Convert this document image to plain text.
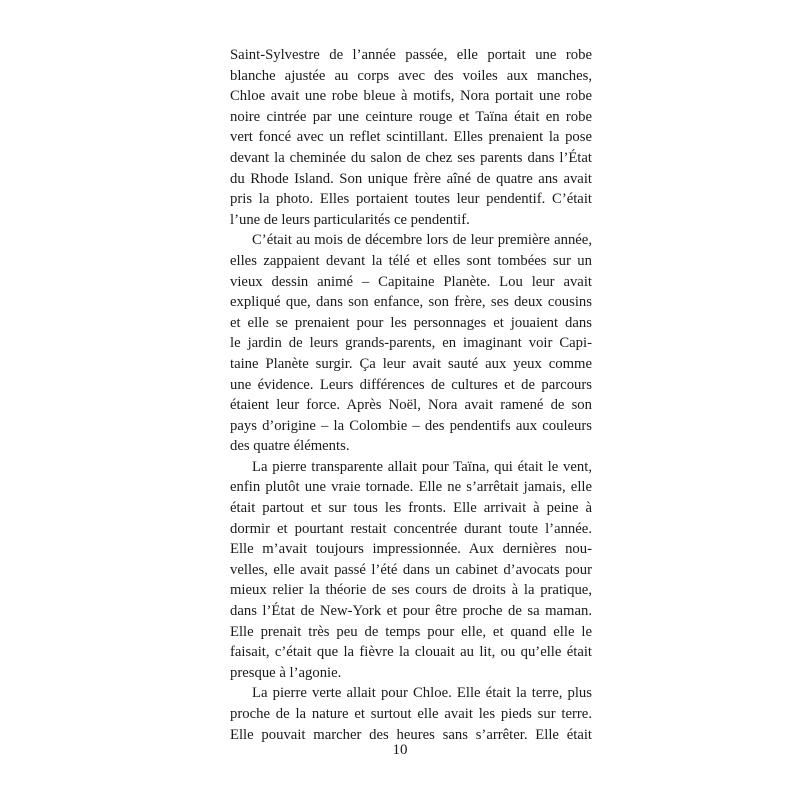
Saint-Sylvestre de l’année passée, elle portait une robe
blanche ajustée au corps avec des voiles aux manches,
Chloe avait une robe bleue à motifs, Nora portait une robe
noire cintrée par une ceinture rouge et Taïna était en robe
vert foncé avec un reflet scintillant. Elles prenaient la pose
devant la cheminée du salon de chez ses parents dans l’État
du Rhode Island. Son unique frère aîné de quatre ans avait
pris la photo. Elles portaient toutes leur pendentif. C’était
l’une de leurs particularités ce pendentif.
C’était au mois de décembre lors de leur première année,
elles zappaient devant la télé et elles sont tombées sur un
vieux dessin animé – Capitaine Planète. Lou leur avait
expliqué que, dans son enfance, son frère, ses deux cousins
et elle se prenaient pour les personnages et jouaient dans
le jardin de leurs grands-parents, en imaginant voir Capi-
taine Planète surgir. Ça leur avait sauté aux yeux comme
une évidence. Leurs différences de cultures et de parcours
étaient leur force. Après Noël, Nora avait ramené de son
pays d’origine – la Colombie – des pendentifs aux couleurs
des quatre éléments.
La pierre transparente allait pour Taïna, qui était le vent,
enfin plutôt une vraie tornade. Elle ne s’arrêtait jamais, elle
était partout et sur tous les fronts. Elle arrivait à peine à
dormir et pourtant restait concentrée durant toute l’année.
Elle m’avait toujours impressionnée. Aux dernières nou-
velles, elle avait passé l’été dans un cabinet d’avocats pour
mieux relier la théorie de ses cours de droits à la pratique,
dans l’État de New-York et pour être proche de sa maman.
Elle prenait très peu de temps pour elle, et quand elle le
faisait, c’était que la fièvre la clouait au lit, ou qu’elle était
presque à l’agonie.
La pierre verte allait pour Chloe. Elle était la terre, plus
proche de la nature et surtout elle avait les pieds sur terre.
Elle pouvait marcher des heures sans s’arrêter. Elle était
10
